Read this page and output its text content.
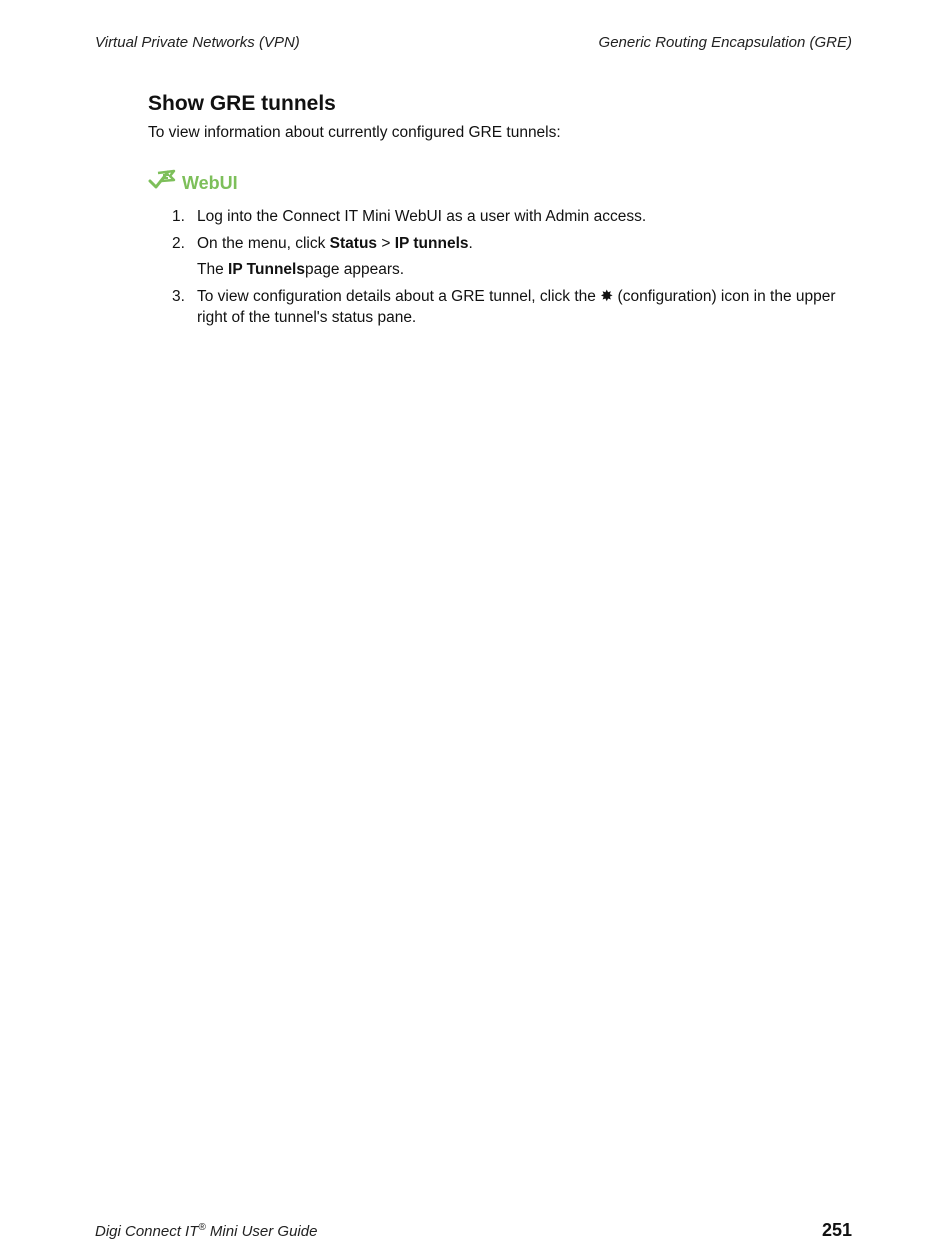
Virtual Private Networks (VPN)	Generic Routing Encapsulation (GRE)
Show GRE tunnels

To view information about currently configured GRE tunnels:

WebUI
1. Log into the Connect IT Mini WebUI as a user with Admin access.
2. On the menu, click Status > IP tunnels.
The IP Tunnelspage appears.
3. To view configuration details about a GRE tunnel, click the ✸ (configuration) icon in the upper right of the tunnel's status pane.
Digi Connect IT® Mini User Guide	251
